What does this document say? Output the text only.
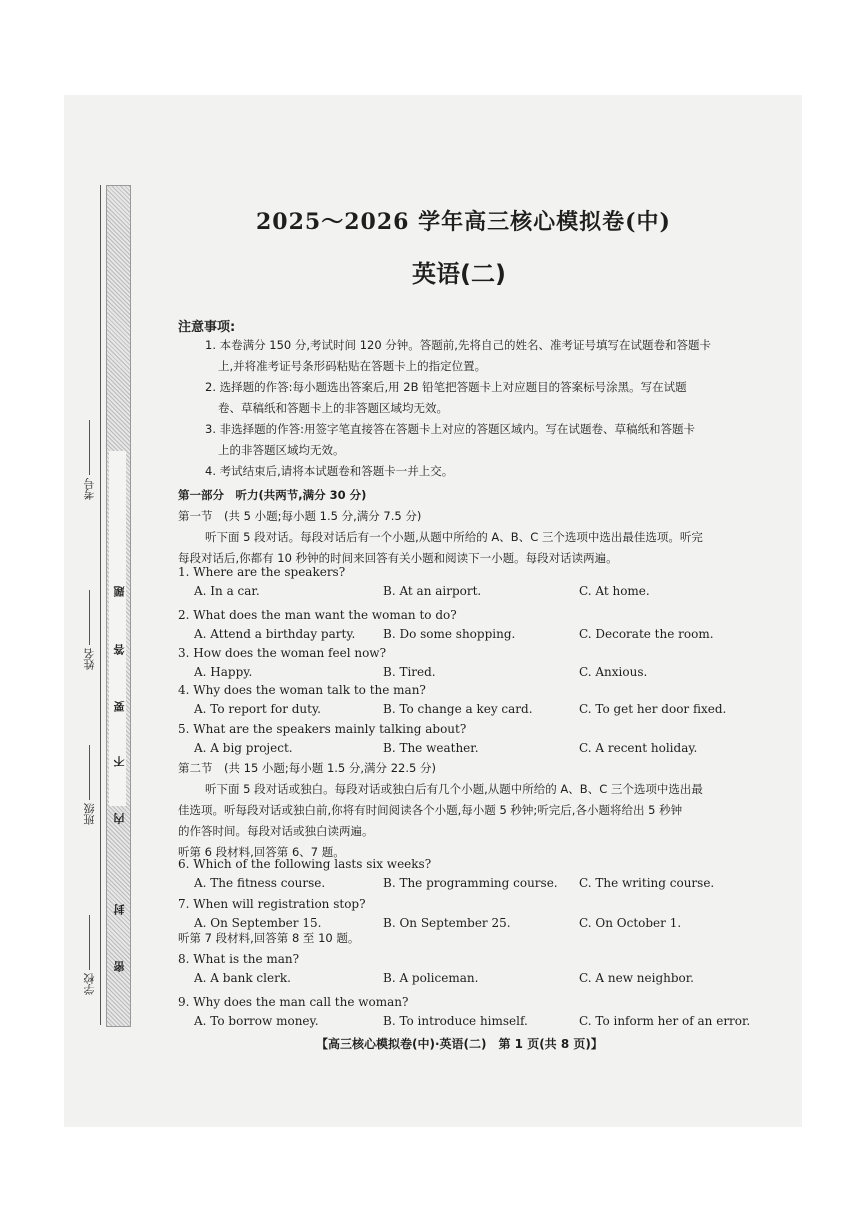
学校
班级
姓名
考号
密
封
内
不
要
答
题
2025～2026 学年高三核心模拟卷(中)
英语(二)
注意事项:
1. 本卷满分 150 分,考试时间 120 分钟。答题前,先将自己的姓名、准考证号填写在试题卷和答题卡
上,并将准考证号条形码粘贴在答题卡上的指定位置。
2. 选择题的作答:每小题选出答案后,用 2B 铅笔把答题卡上对应题目的答案标号涂黑。写在试题
卷、草稿纸和答题卡上的非答题区域均无效。
3. 非选择题的作答:用签字笔直接答在答题卡上对应的答题区域内。写在试题卷、草稿纸和答题卡
上的非答题区域均无效。
4. 考试结束后,请将本试题卷和答题卡一并上交。
第一部分　听力(共两节,满分 30 分)
第一节　(共 5 小题;每小题 1.5 分,满分 7.5 分)
听下面 5 段对话。每段对话后有一个小题,从题中所给的 A、B、C 三个选项中选出最佳选项。听完
每段对话后,你都有 10 秒钟的时间来回答有关小题和阅读下一小题。每段对话读两遍。
1. Where are the speakers?
A. In a car.	B. At an airport.	C. At home.
2. What does the man want the woman to do?
A. Attend a birthday party. B. Do some shopping.	C. Decorate the room.
3. How does the woman feel now?
A. Happy.	B. Tired.	C. Anxious.
4. Why does the woman talk to the man?
A. To report for duty.	B. To change a key card.	C. To get her door fixed.
5. What are the speakers mainly talking about?
A. A big project.	B. The weather.	C. A recent holiday.
6. Which of the following lasts six weeks?
A. The fitness course.	B. The programming course. C. The writing course.
7. When will registration stop?
A. On September 15.	B. On September 25.	C. On October 1.
8. What is the man?
A. A bank clerk.	B. A policeman.	C. A new neighbor.
9. Why does the man call the woman?
A. To borrow money.	B. To introduce himself.	C. To inform her of an error.
第二节　(共 15 小题;每小题 1.5 分,满分 22.5 分)
听下面 5 段对话或独白。每段对话或独白后有几个小题,从题中所给的 A、B、C 三个选项中选出最
佳选项。听每段对话或独白前,你将有时间阅读各个小题,每小题 5 秒钟;听完后,各小题将给出 5 秒钟
的作答时间。每段对话或独白读两遍。
听第 6 段材料,回答第 6、7 题。
听第 7 段材料,回答第 8 至 10 题。
【高三核心模拟卷(中)·英语(二)　第 1 页(共 8 页)】
